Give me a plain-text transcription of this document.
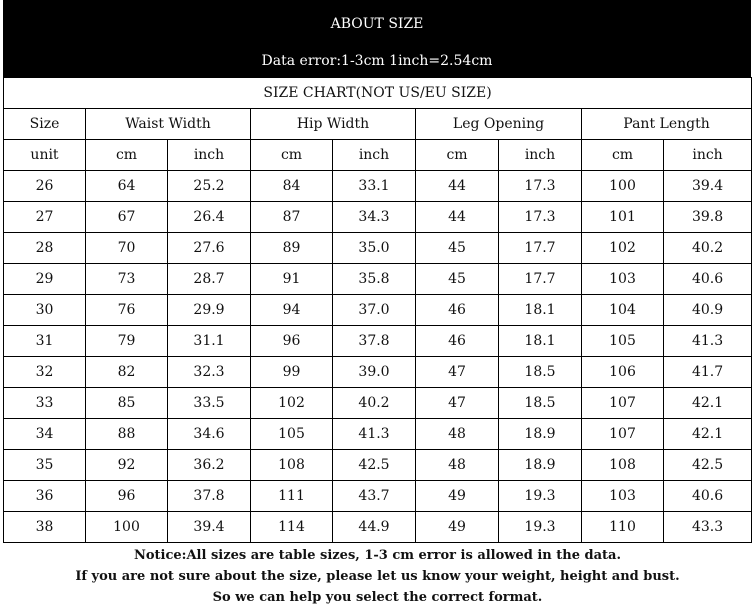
ABOUT SIZE
Data error:1-3cm 1inch=2.54cm
SIZE CHART(NOT US/EU SIZE)								
Size	Waist Width		Hip Width		Leg Opening		Pant Length	
unit	cm	inch	cm	inch	cm	inch	cm	inch
26	64	25.2	84	33.1	44	17.3	100	39.4
27	67	26.4	87	34.3	44	17.3	101	39.8
28	70	27.6	89	35.0	45	17.7	102	40.2
29	73	28.7	91	35.8	45	17.7	103	40.6
30	76	29.9	94	37.0	46	18.1	104	40.9
31	79	31.1	96	37.8	46	18.1	105	41.3
32	82	32.3	99	39.0	47	18.5	106	41.7
33	85	33.5	102	40.2	47	18.5	107	42.1
34	88	34.6	105	41.3	48	18.9	107	42.1
35	92	36.2	108	42.5	48	18.9	108	42.5
36	96	37.8	111	43.7	49	19.3	103	40.6
38	100	39.4	114	44.9	49	19.3	110	43.3
Notice:All sizes are table sizes, 1-3 cm error is allowed in the data.
If you are not sure about the size, please let us know your weight, height and bust.
So we can help you select the correct format.
